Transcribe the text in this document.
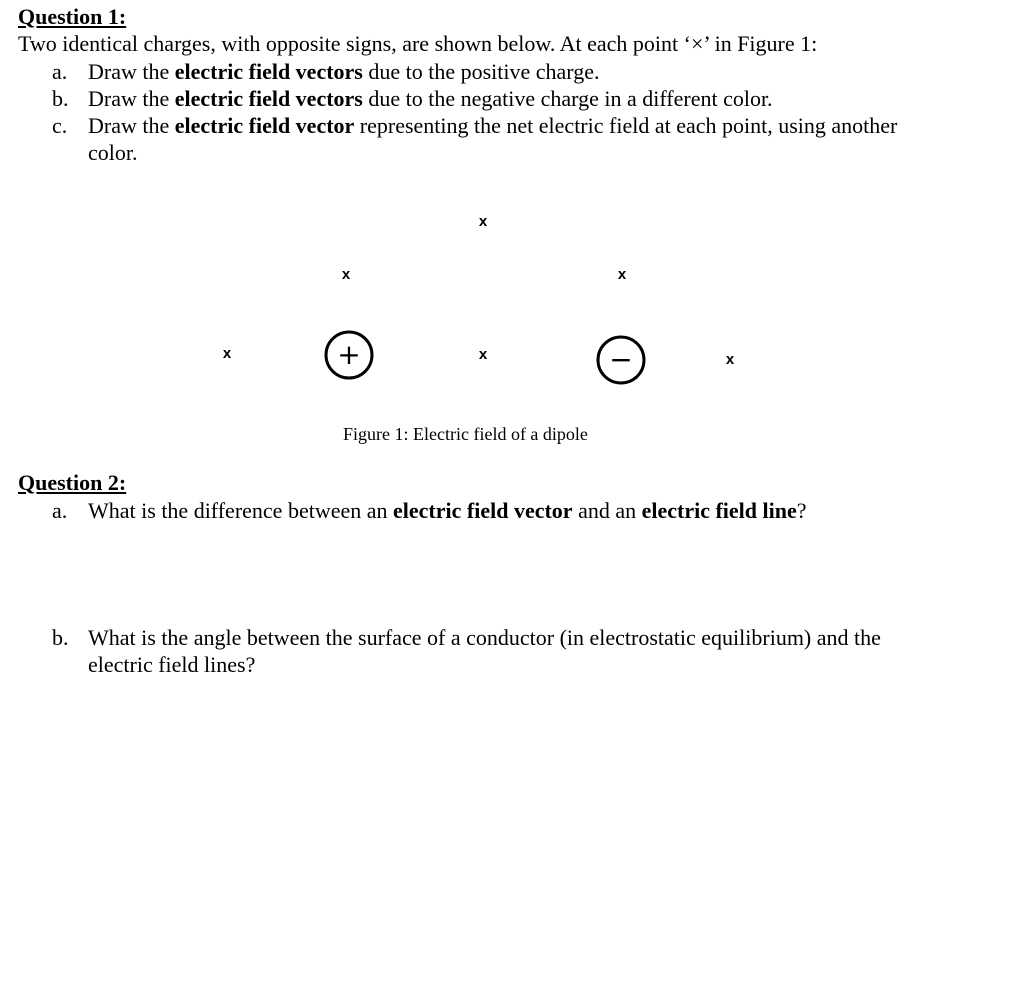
Question 1:

Two identical charges, with opposite signs, are shown below. At each point ‘×’ in Figure 1:

a. Draw the electric field vectors due to the positive charge.

b. Draw the electric field vectors due to the negative charge in a different color.

c. Draw the electric field vector representing the net electric field at each point, using another color.

+	−
x
x	x
x	x	x

Figure 1: Electric field of a dipole

Question 2:

a. What is the difference between an electric field vector and an electric field line?

b. What is the angle between the surface of a conductor (in electrostatic equilibrium) and the electric field lines?
